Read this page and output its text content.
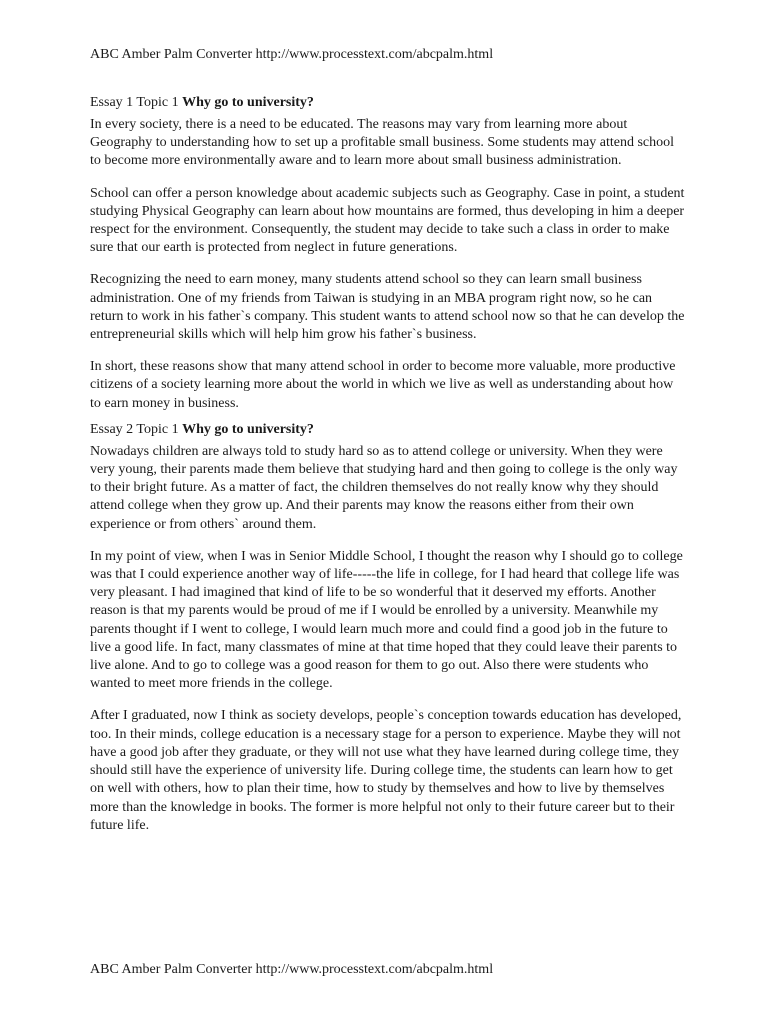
ABC Amber Palm Converter http://www.processtext.com/abcpalm.html
Essay 1 Topic 1 Why go to university?

In every society, there is a need to be educated. The reasons may vary from learning more about Geography to understanding how to set up a profitable small business. Some students may attend school to become more environmentally aware and to learn more about small business administration.

School can offer a person knowledge about academic subjects such as Geography. Case in point, a student studying Physical Geography can learn about how mountains are formed, thus developing in him a deeper respect for the environment. Consequently, the student may decide to take such a class in order to make sure that our earth is protected from neglect in future generations.

Recognizing the need to earn money, many students attend school so they can learn small business administration. One of my friends from Taiwan is studying in an MBA program right now, so he can return to work in his father`s company. This student wants to attend school now so that he can develop the entrepreneurial skills which will help him grow his father`s business.

In short, these reasons show that many attend school in order to become more valuable, more productive citizens of a society learning more about the world in which we live as well as understanding about how to earn money in business.

Essay 2 Topic 1 Why go to university?

Nowadays children are always told to study hard so as to attend college or university. When they were very young, their parents made them believe that studying hard and then going to college is the only way to their bright future. As a matter of fact, the children themselves do not really know why they should attend college when they grow up. And their parents may know the reasons either from their own experience or from others` around them.

In my point of view, when I was in Senior Middle School, I thought the reason why I should go to college was that I could experience another way of life-----the life in college, for I had heard that college life was very pleasant. I had imagined that kind of life to be so wonderful that it deserved my efforts. Another reason is that my parents would be proud of me if I would be enrolled by a university. Meanwhile my parents thought if I went to college, I would learn much more and could find a good job in the future to live a good life. In fact, many classmates of mine at that time hoped that they could leave their parents to live alone. And to go to college was a good reason for them to go out. Also there were students who wanted to meet more friends in the college.

After I graduated, now I think as society develops, people`s conception towards education has developed, too. In their minds, college education is a necessary stage for a person to experience. Maybe they will not have a good job after they graduate, or they will not use what they have learned during college time, they should still have the experience of university life. During college time, the students can learn how to get on well with others, how to plan their time, how to study by themselves and how to live by themselves more than the knowledge in books. The former is more helpful not only to their future career but to their future life.

ABC Amber Palm Converter http://www.processtext.com/abcpalm.html
